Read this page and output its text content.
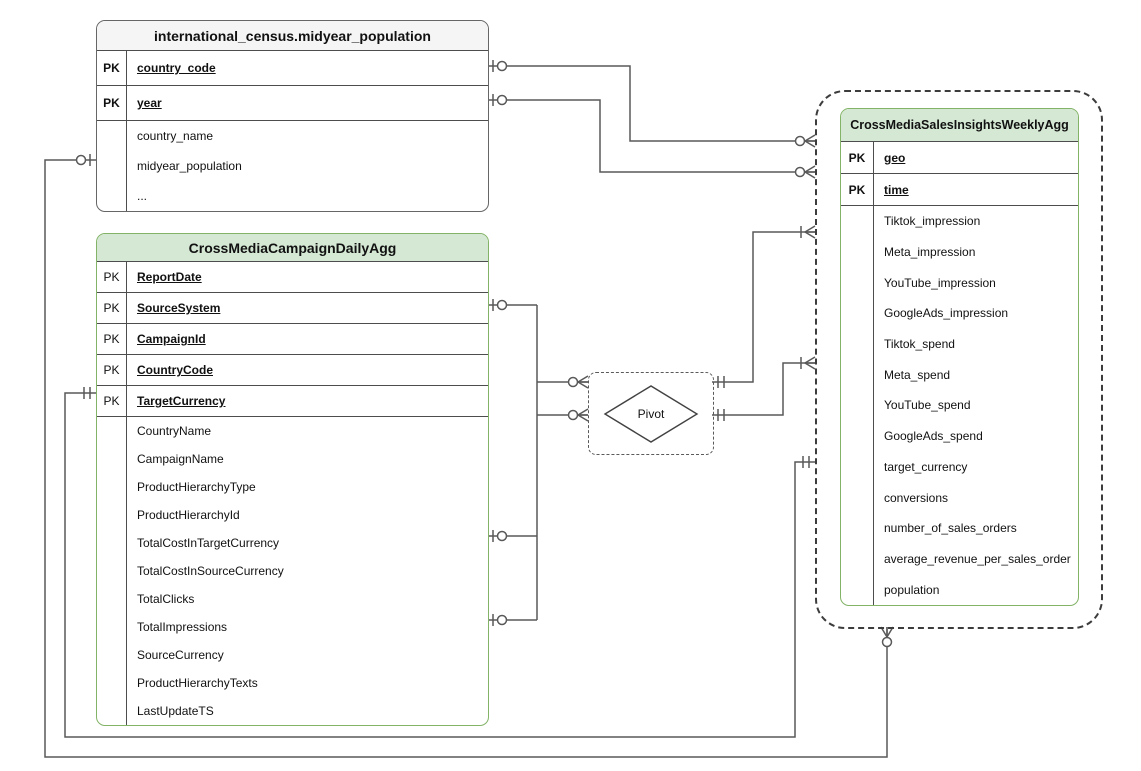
international_census.midyear_population
PK	country_code
PK	year
country_name
midyear_population
...
CrossMediaCampaignDailyAgg
PK	ReportDate
PK	SourceSystem
PK	CampaignId
PK	CountryCode
PK	TargetCurrency
CountryName
CampaignName
ProductHierarchyType
ProductHierarchyId
TotalCostInTargetCurrency
TotalCostInSourceCurrency
TotalClicks
TotalImpressions
SourceCurrency
ProductHierarchyTexts
LastUpdateTS
CrossMediaSalesInsightsWeeklyAgg
PK	geo
PK	time
Tiktok_impression
Meta_impression
YouTube_impression
GoogleAds_impression
Tiktok_spend
Meta_spend
YouTube_spend
GoogleAds_spend
target_currency
conversions
number_of_sales_orders
average_revenue_per_sales_order
population
Pivot
